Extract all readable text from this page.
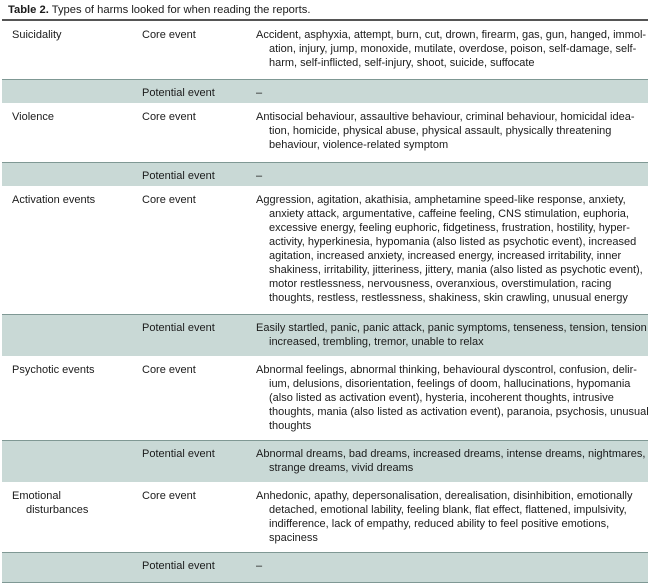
Table 2. Types of harms looked for when reading the reports.
Suicidality	Core event	Accident, asphyxia, attempt, burn, cut, drown, firearm, gas, gun, hanged, immol-
ation, injury, jump, monoxide, mutilate, overdose, poison, self-damage, self-
harm, self-inflicted, self-injury, shoot, suicide, suffocate
Potential event	–
Violence	Core event	Antisocial behaviour, assaultive behaviour, criminal behaviour, homicidal idea-
tion, homicide, physical abuse, physical assault, physically threatening
behaviour, violence-related symptom
Potential event	–
Activation events	Core event	Aggression, agitation, akathisia, amphetamine speed-like response, anxiety,
anxiety attack, argumentative, caffeine feeling, CNS stimulation, euphoria,
excessive energy, feeling euphoric, fidgetiness, frustration, hostility, hyper-
activity, hyperkinesia, hypomania (also listed as psychotic event), increased
agitation, increased anxiety, increased energy, increased irritability, inner
shakiness, irritability, jitteriness, jittery, mania (also listed as psychotic event),
motor restlessness, nervousness, overanxious, overstimulation, racing
thoughts, restless, restlessness, shakiness, skin crawling, unusual energy
Potential event	Easily startled, panic, panic attack, panic symptoms, tenseness, tension, tension
increased, trembling, tremor, unable to relax
Psychotic events	Core event	Abnormal feelings, abnormal thinking, behavioural dyscontrol, confusion, delir-
ium, delusions, disorientation, feelings of doom, hallucinations, hypomania
(also listed as activation event), hysteria, incoherent thoughts, intrusive
thoughts, mania (also listed as activation event), paranoia, psychosis, unusual
thoughts
Potential event	Abnormal dreams, bad dreams, increased dreams, intense dreams, nightmares,
strange dreams, vivid dreams
Emotional
disturbances
Core event	Anhedonic, apathy, depersonalisation, derealisation, disinhibition, emotionally
detached, emotional lability, feeling blank, flat effect, flattened, impulsivity,
indifference, lack of empathy, reduced ability to feel positive emotions,
spaciness
Potential event	–
